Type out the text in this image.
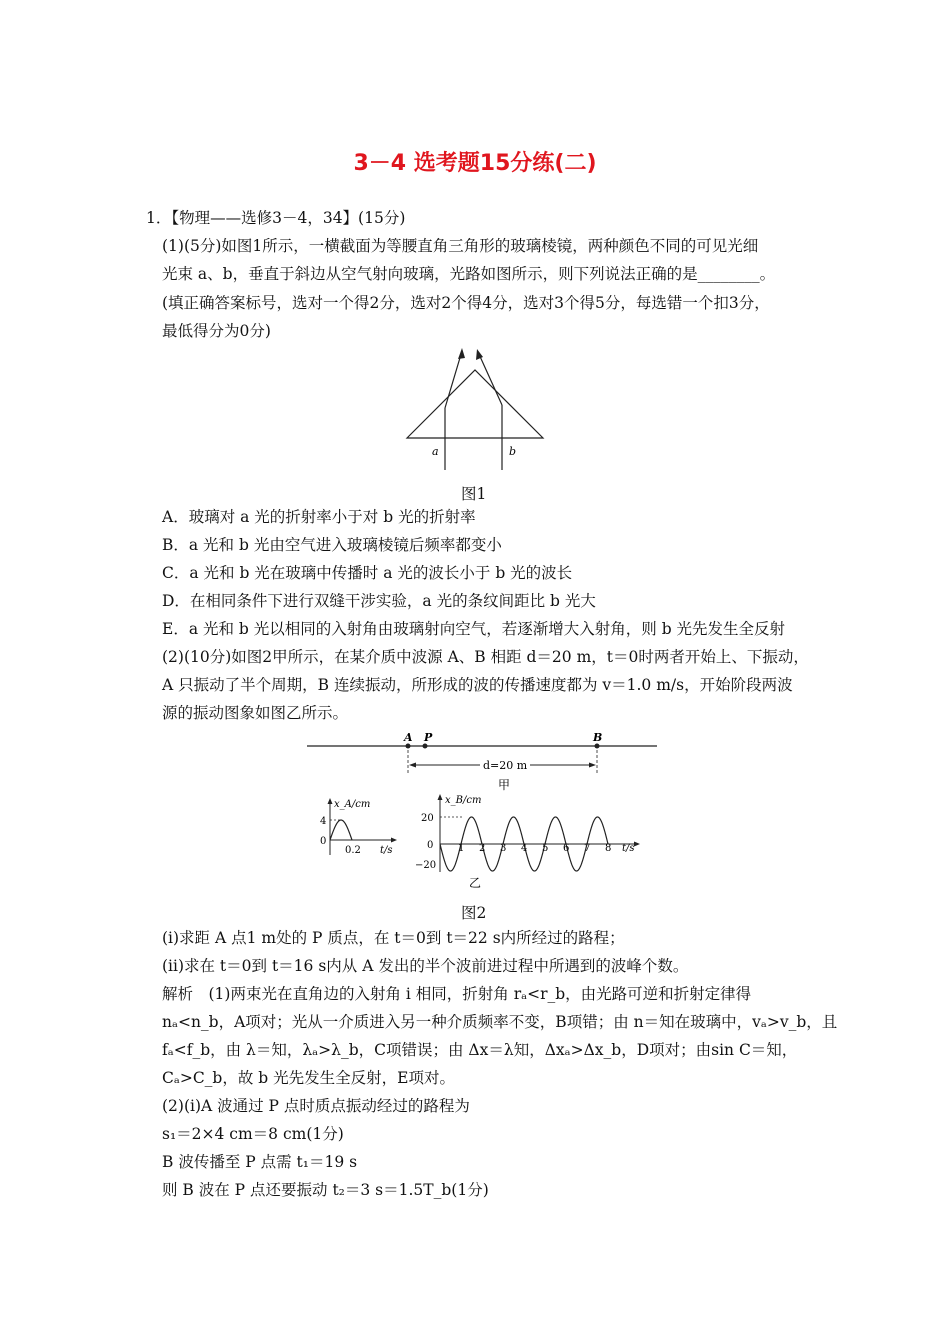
3－4 选考题15分练(二)
1．【物理——选修3－4，34】(15分)
(1)(5分)如图1所示，一横截面为等腰直角三角形的玻璃棱镜，两种颜色不同的可见光细
光束 a、b，垂直于斜边从空气射向玻璃，光路如图所示，则下列说法正确的是________。
(填正确答案标号，选对一个得2分，选对2个得4分，选对3个得5分，每选错一个扣3分，
最低得分为0分)
a	b
图1
A．玻璃对 a 光的折射率小于对 b 光的折射率
B．a 光和 b 光由空气进入玻璃棱镜后频率都变小
C．a 光和 b 光在玻璃中传播时 a 光的波长小于 b 光的波长
D．在相同条件下进行双缝干涉实验，a 光的条纹间距比 b 光大
E．a 光和 b 光以相同的入射角由玻璃射向空气，若逐渐增大入射角，则 b 光先发生全反射
(2)(10分)如图2甲所示，在某介质中波源 A、B 相距 d＝20 m，t＝0时两者开始上、下振动，
A 只振动了半个周期，B 连续振动，所形成的波的传播速度都为 v＝1.0 m/s，开始阶段两波
源的振动图象如图乙所示。
A P	B
d=20 m
甲
x_A/cm
4
0
0.2 t/s
x_B/cm
20
0
−20
1 2 3 4 5 6 7 8 t/s
乙
图2
(ⅰ)求距 A 点1 m处的 P 质点，在 t＝0到 t＝22 s内所经过的路程；
(ⅱ)求在 t＝0到 t＝16 s内从 A 发出的半个波前进过程中所遇到的波峰个数。
解析　(1)两束光在直角边的入射角 i 相同，折射角 rₐ<r_b，由光路可逆和折射定律得
nₐ<n_b，A项对；光从一介质进入另一种介质频率不变，B项错；由 n＝知在玻璃中，vₐ>v_b，且
fₐ<f_b，由 λ＝知，λₐ>λ_b，C项错误；由 Δx＝λ知，Δxₐ>Δx_b，D项对；由sin C＝知，
Cₐ>C_b，故 b 光先发生全反射，E项对。
(2)(ⅰ)A 波通过 P 点时质点振动经过的路程为
s₁＝2×4 cm＝8 cm(1分)
B 波传播至 P 点需 t₁＝19 s
则 B 波在 P 点还要振动 t₂＝3 s＝1.5T_b(1分)
